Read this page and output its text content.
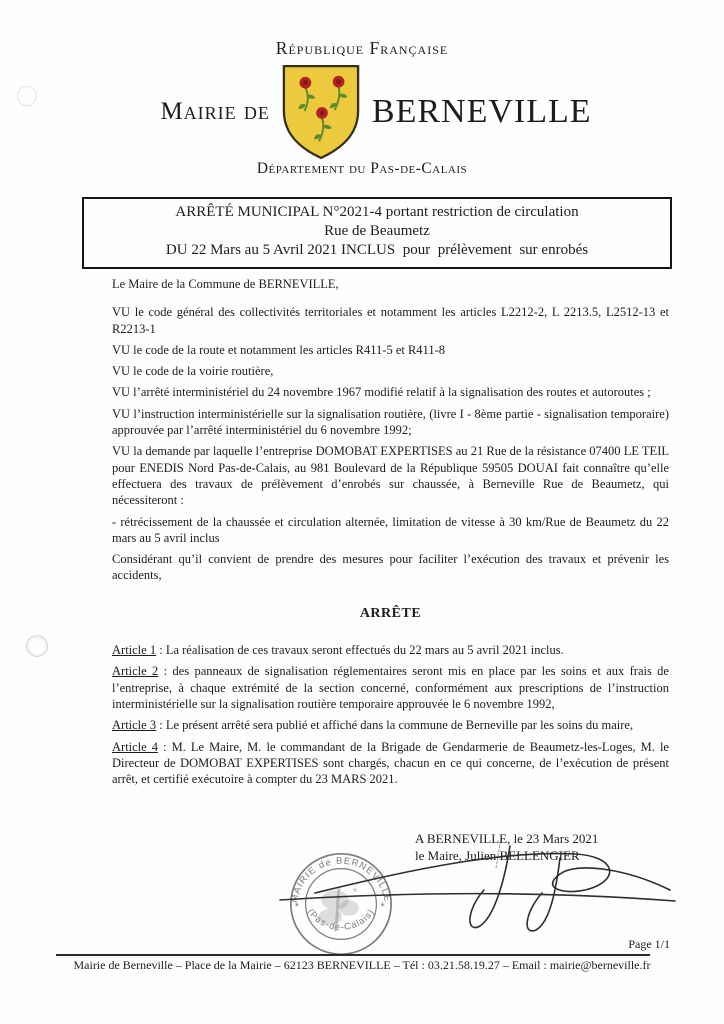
République Française
Mairie de	BERNEVILLE
Département du Pas-de-Calais
ARRÊTÉ MUNICIPAL N°2021-4 portant restriction de circulation
Rue de Beaumetz
DU 22 Mars au 5 Avril 2021 INCLUS  pour  prélèvement  sur enrobés

Le Maire de la Commune de BERNEVILLE,

VU le code général des collectivités territoriales et notamment les articles L2212-2, L 2213.5, L2512-13 et R2213-1

VU le code de la route et notamment les articles R411-5 et R411-8

VU le code de la voirie routière,

VU l’arrêté interministériel du 24 novembre 1967 modifié relatif à la signalisation des routes et autoroutes ;

VU l’instruction interministérielle sur la signalisation routière, (livre I - 8ème partie - signalisation temporaire) approuvée par l’arrêté interministériel du 6 novembre 1992;

VU la demande par laquelle l’entreprise DOMOBAT EXPERTISES au 21 Rue de la résistance 07400 LE TEIL pour ENEDIS Nord Pas-de-Calais, au 981 Boulevard de la République 59505 DOUAI fait connaître qu’elle effectuera des travaux de prélèvement d’enrobés sur chaussée, à Berneville Rue de Beaumetz, qui nécessiteront :

- rétrécissement de la chaussée et circulation alternée, limitation de vitesse à 30 km/Rue de Beaumetz du 22 mars au 5 avril inclus

Considérant qu’il convient de prendre des mesures pour faciliter l’exécution des travaux et prévenir les accidents,

ARRÊTE

Article 1 : La réalisation de ces travaux seront effectués du 22 mars au 5 avril 2021 inclus.

Article 2 : des panneaux de signalisation réglementaires seront mis en place par les soins et aux frais de l’entreprise, à chaque extrémité de la section concerné, conformément aux prescriptions de l’instruction interministérielle sur la signalisation routière temporaire approuvée le 6 novembre 1992,

Article 3 : Le présent arrêté sera publié et affiché dans la commune de Berneville par les soins du maire,

Article 4 : M. Le Maire, M. le commandant de la Brigade de Gendarmerie de Beaumetz-les-Loges, M. le Directeur de DOMOBAT EXPERTISES sont chargés, chacun en ce qui concerne, de l’exécution de présent arrêt, et certifié exécutoire à compter du 23 MARS 2021.

A BERNEVILLE, le 23 Mars 2021
le Maire, Julien BELLENGIER
MAIRIE de BERNEVILLE
(Pas-de-Calais)
*	*
*
Page 1/1
Mairie de Berneville – Place de la Mairie – 62123 BERNEVILLE – Tél : 03.21.58.19.27 – Email : mairie@berneville.fr
